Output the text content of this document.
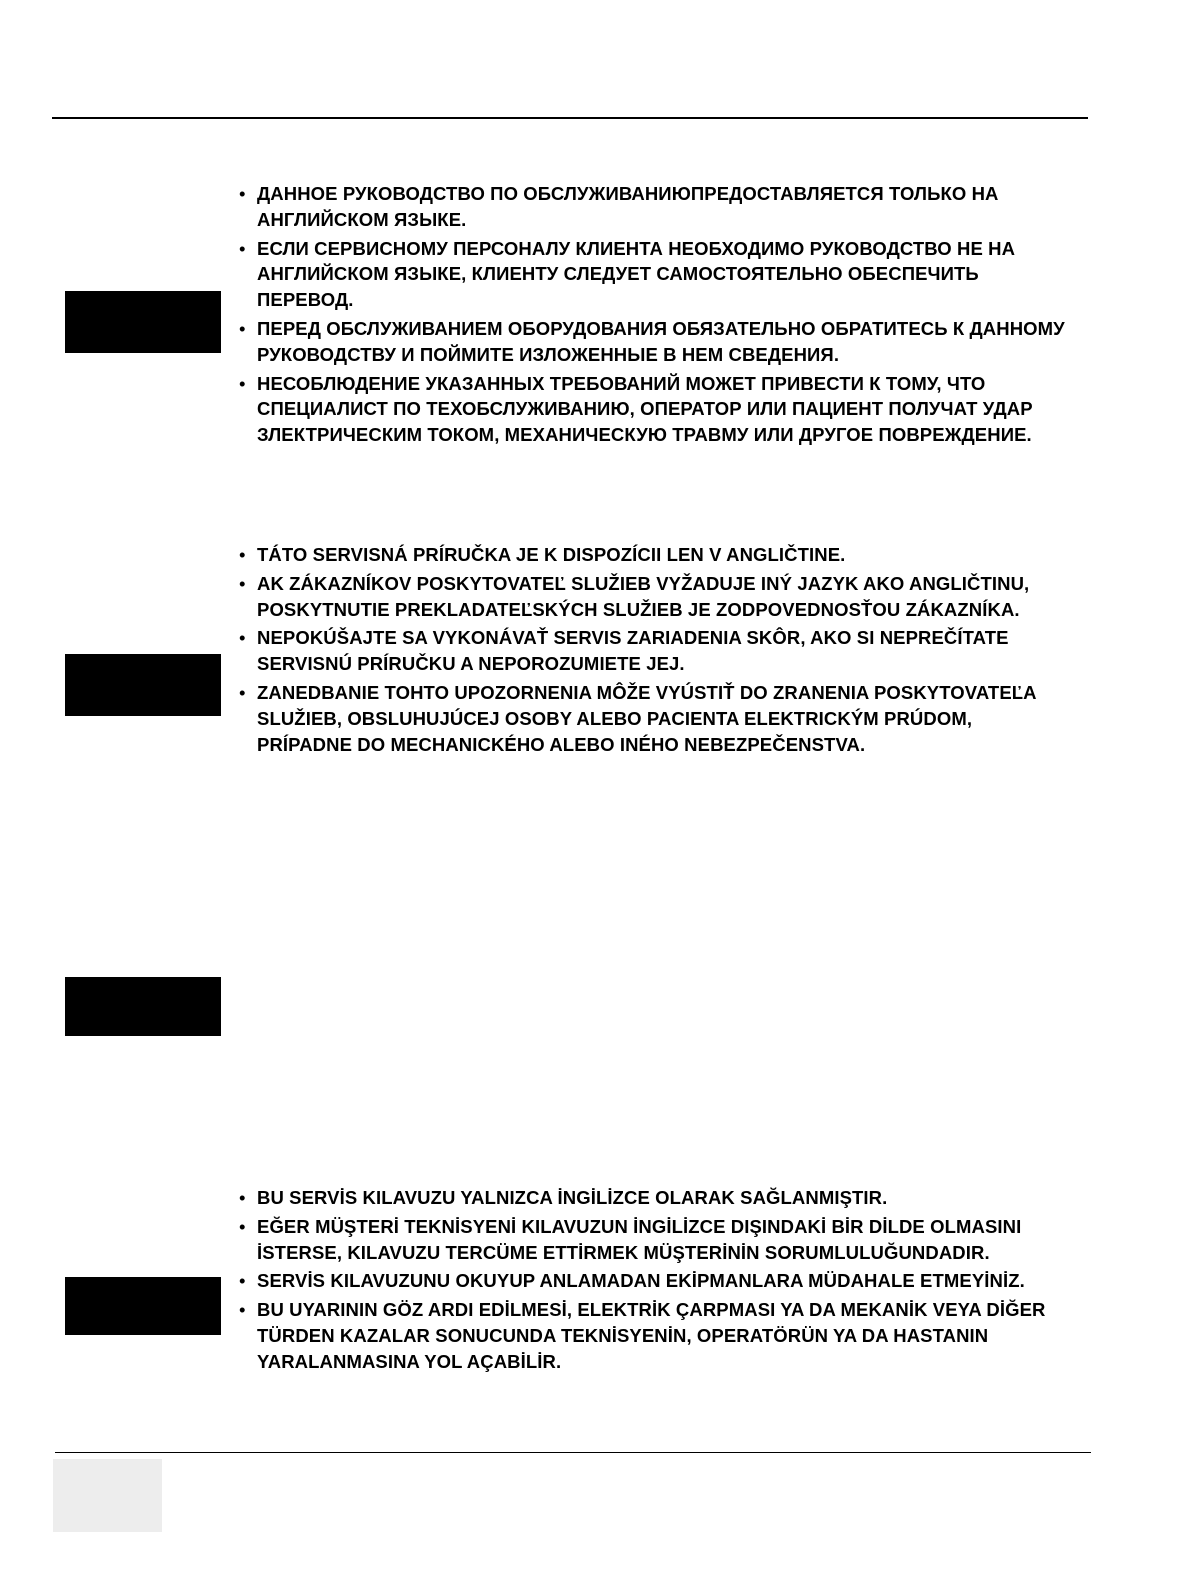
• ДАННОЕ РУКОВОДСТВО ПО ОБСЛУЖИВАНИЮПРЕДОСТАВЛЯЕТСЯ ТОЛЬКО НА АНГЛИЙСКОМ ЯЗЫКЕ.
• ЕСЛИ СЕРВИСНОМУ ПЕРСОНАЛУ КЛИЕНТА НЕОБХОДИМО РУКОВОДСТВО НЕ НА АНГЛИЙСКОМ ЯЗЫКЕ, КЛИЕНТУ СЛЕДУЕТ САМОСТОЯТЕЛЬНО ОБЕСПЕЧИТЬ ПЕРЕВОД.
• ПЕРЕД ОБСЛУЖИВАНИЕМ ОБОРУДОВАНИЯ ОБЯЗАТЕЛЬНО ОБРАТИТЕСЬ К ДАННОМУ РУКОВОДСТВУ И ПОЙМИТЕ ИЗЛОЖЕННЫЕ В НЕМ СВЕДЕНИЯ.
• НЕСОБЛЮДЕНИЕ УКАЗАННЫХ ТРЕБОВАНИЙ МОЖЕТ ПРИВЕСТИ К ТОМУ, ЧТО СПЕЦИАЛИСТ ПО ТЕХОБСЛУЖИВАНИЮ, ОПЕРАТОР ИЛИ ПАЦИЕНТ ПОЛУЧАТ УДАР ЗЛЕКТРИЧЕСКИМ ТОКОМ, МЕХАНИЧЕСКУЮ ТРАВМУ ИЛИ ДРУГОЕ ПОВРЕЖДЕНИЕ.
• TÁTO SERVISNÁ PRÍRUČKA JE K DISPOZÍCII LEN V ANGLIČTINE.
• AK ZÁKAZNÍKOV POSKYTOVATEĽ SLUŽIEB VYŽADUJE INÝ JAZYK AKO ANGLIČTINU, POSKYTNUTIE PREKLADATEĽSKÝCH SLUŽIEB JE ZODPOVEDNOSŤOU ZÁKAZNÍKA.
• NEPOKÚŠAJTE SA VYKONÁVAŤ SERVIS ZARIADENIA SKÔR, AKO SI NEPREČÍTATE SERVISNÚ PRÍRUČKU A NEPOROZUMIETE JEJ.
• ZANEDBANIE TOHTO UPOZORNENIA MÔŽE VYÚSTIŤ DO ZRANENIA POSKYTOVATEĽA SLUŽIEB, OBSLUHUJÚCEJ OSOBY ALEBO PACIENTA ELEKTRICKÝM PRÚDOM, PRÍPADNE DO MECHANICKÉHO ALEBO INÉHO NEBEZPEČENSTVA.
• BU SERVİS KILAVUZU YALNIZCA İNGİLİZCE OLARAK SAĞLANMIŞTIR.
• EĞER MÜŞTERİ TEKNİSYENİ KILAVUZUN İNGİLİZCE DIŞINDAKİ BİR DİLDE OLMASINI İSTERSE, KILAVUZU TERCÜME ETTİRMEK MÜŞTERİNİN SORUMLULUĞUNDADIR.
• SERVİS KILAVUZUNU OKUYUP ANLAMADAN EKİPMANLARA MÜDAHALE ETMEYİNİZ.
• BU UYARININ GÖZ ARDI EDİLMESİ, ELEKTRİK ÇARPMASI YA DA MEKANİK VEYA DİĞER TÜRDEN KAZALAR SONUCUNDA TEKNİSYENİN, OPERATÖRÜN YA DA HASTANIN YARALANMASINA YOL AÇABİLİR.
